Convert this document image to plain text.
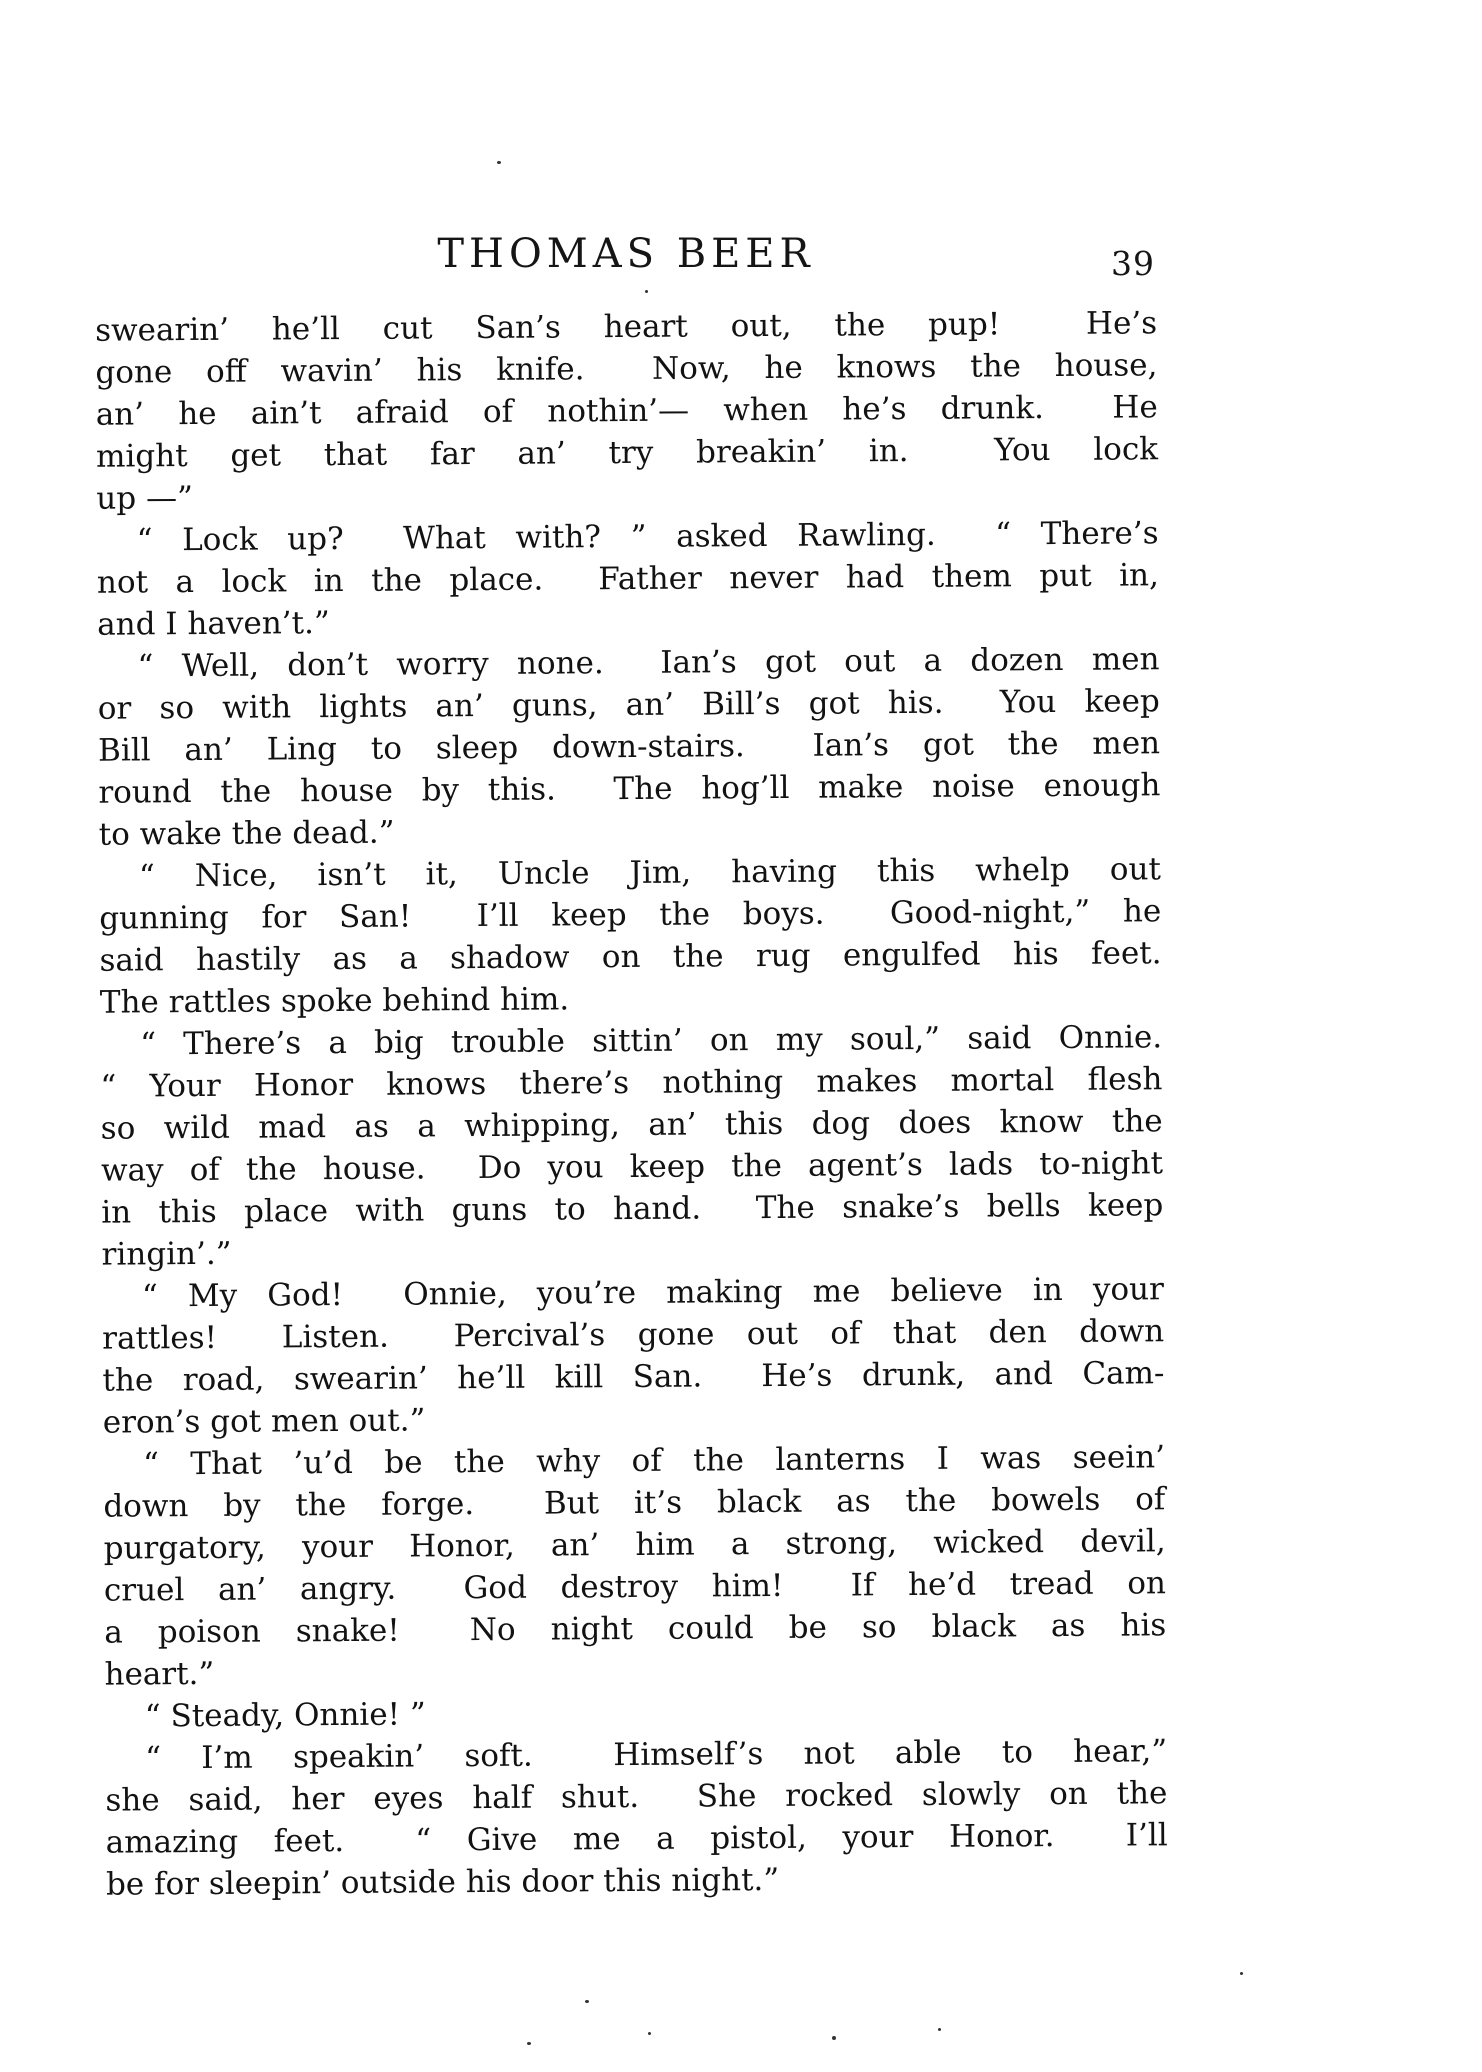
THOMAS BEER	39
swearin’ he’ll cut San’s heart out, the pup!  He’s
gone off wavin’ his knife.  Now, he knows the house,
an’ he ain’t afraid of nothin’— when he’s drunk.  He
might get that far an’ try breakin’ in.  You lock
up —”
“ Lock up?  What with? ” asked Rawling.  “ There’s
not a lock in the place.  Father never had them put in,
and I haven’t.”
“ Well, don’t worry none.  Ian’s got out a dozen men
or so with lights an’ guns, an’ Bill’s got his.  You keep
Bill an’ Ling to sleep down-stairs.  Ian’s got the men
round the house by this.  The hog’ll make noise enough
to wake the dead.”
“ Nice, isn’t it, Uncle Jim, having this whelp out
gunning for San!  I’ll keep the boys.  Good-night,” he
said hastily as a shadow on the rug engulfed his feet.
The rattles spoke behind him.
“ There’s a big trouble sittin’ on my soul,” said Onnie.
“ Your Honor knows there’s nothing makes mortal flesh
so wild mad as a whipping, an’ this dog does know the
way of the house.  Do you keep the agent’s lads to-night
in this place with guns to hand.  The snake’s bells keep
ringin’.”
“ My God!  Onnie, you’re making me believe in your
rattles!  Listen.  Percival’s gone out of that den down
the road, swearin’ he’ll kill San.  He’s drunk, and Cam-
eron’s got men out.”
“ That ’u’d be the why of the lanterns I was seein’
down by the forge.  But it’s black as the bowels of
purgatory, your Honor, an’ him a strong, wicked devil,
cruel an’ angry.  God destroy him!  If he’d tread on
a poison snake!  No night could be so black as his
heart.”
“ Steady, Onnie! ”
“ I’m speakin’ soft.  Himself’s not able to hear,”
she said, her eyes half shut.  She rocked slowly on the
amazing feet.  “ Give me a pistol, your Honor.  I’ll
be for sleepin’ outside his door this night.”
